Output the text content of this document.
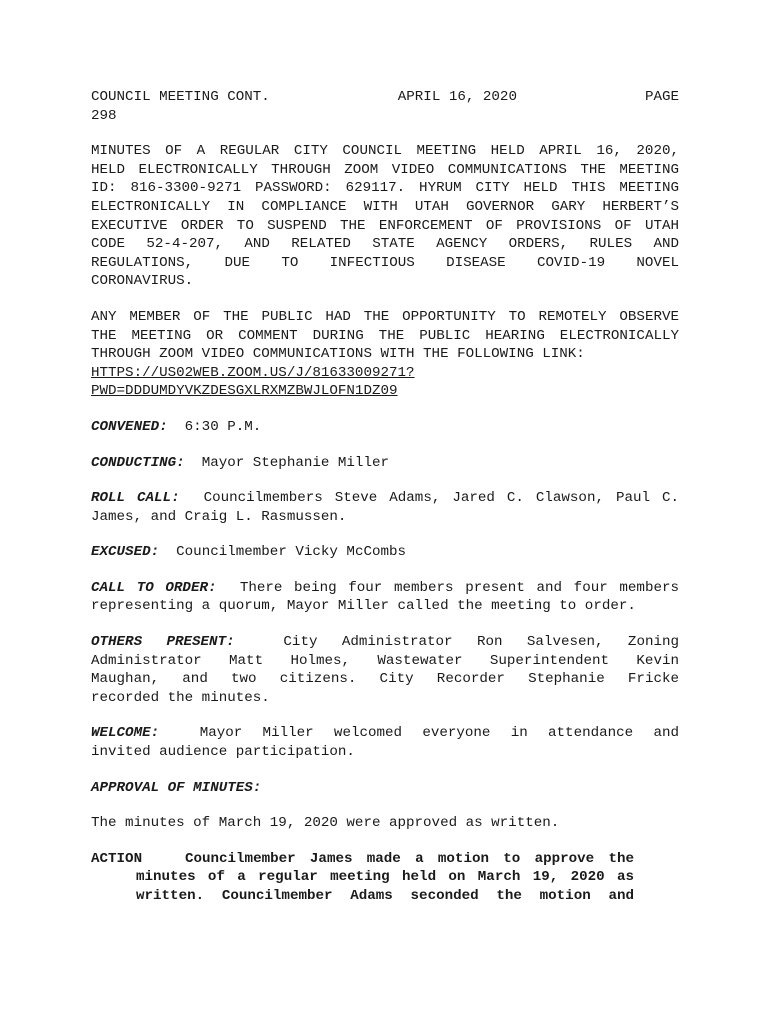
COUNCIL MEETING CONT.	APRIL 16, 2020	PAGE
298
MINUTES OF A REGULAR CITY COUNCIL MEETING HELD APRIL 16, 2020,
HELD ELECTRONICALLY THROUGH ZOOM VIDEO COMMUNICATIONS THE MEETING
ID: 816-3300-9271 PASSWORD: 629117. HYRUM CITY HELD THIS MEETING
ELECTRONICALLY IN COMPLIANCE WITH UTAH GOVERNOR GARY HERBERT’S
EXECUTIVE ORDER TO SUSPEND THE ENFORCEMENT OF PROVISIONS OF UTAH
CODE 52-4-207, AND RELATED STATE AGENCY ORDERS, RULES AND
REGULATIONS, DUE TO INFECTIOUS DISEASE COVID-19 NOVEL
CORONAVIRUS.
ANY MEMBER OF THE PUBLIC HAD THE OPPORTUNITY TO REMOTELY OBSERVE
THE MEETING OR COMMENT DURING THE PUBLIC HEARING ELECTRONICALLY
THROUGH ZOOM VIDEO COMMUNICATIONS WITH THE FOLLOWING LINK:
HTTPS://US02WEB.ZOOM.US/J/81633009271?
PWD=DDDUMDYVKZDESGXLRXMZBWJLOFN1DZ09
CONVENED: 6:30 P.M.
CONDUCTING: Mayor Stephanie Miller
ROLL CALL: Councilmembers Steve Adams, Jared C. Clawson, Paul C.
James, and Craig L. Rasmussen.
EXCUSED: Councilmember Vicky McCombs
CALL TO ORDER: There being four members present and four members
representing a quorum, Mayor Miller called the meeting to order.
OTHERS PRESENT:	City Administrator Ron Salvesen, Zoning
Administrator Matt Holmes, Wastewater Superintendent Kevin
Maughan, and two citizens. City Recorder Stephanie Fricke
recorded the minutes.
WELCOME:	Mayor Miller welcomed everyone in attendance and
invited audience participation.
APPROVAL OF MINUTES:
The minutes of March 19, 2020 were approved as written.
ACTION	Councilmember James made a motion to approve the
minutes of a regular meeting held on March 19, 2020 as
written. Councilmember Adams seconded the motion and
